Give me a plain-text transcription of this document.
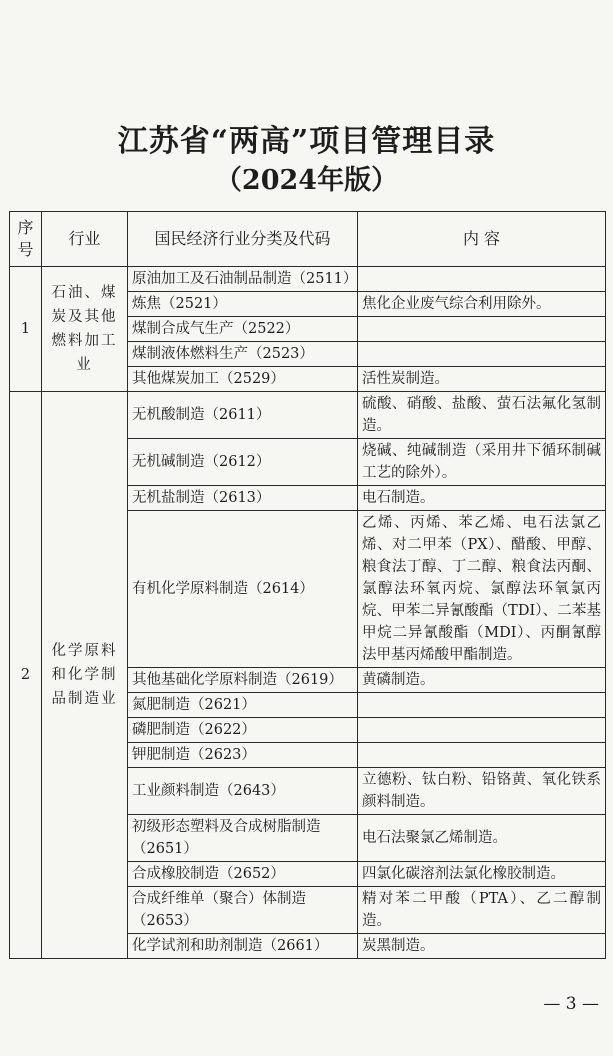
江苏省“两高”项目管理目录
（2024年版）
序
号	行业	国民经济行业分类及代码	内 容
1	石油、煤炭及其他燃料加工业	原油加工及石油制品制造（2511）	
		炼焦（2521）	焦化企业废气综合利用除外。
		煤制合成气生产（2522）	
		煤制液体燃料生产（2523）	
		其他煤炭加工（2529）	活性炭制造。
2	化学原料和化学制品制造业	无机酸制造（2611）	硫酸、硝酸、盐酸、萤石法氟化氢制造。
		无机碱制造（2612）	烧碱、纯碱制造（采用井下循环制碱工艺的除外）。
		无机盐制造（2613）	电石制造。
		有机化学原料制造（2614）	乙烯、丙烯、苯乙烯、电石法氯乙烯、对二甲苯（PX）、醋酸、甲醇、粮食法丁醇、丁二醇、粮食法丙酮、氯醇法环氧丙烷、氯醇法环氧氯丙烷、甲苯二异氰酸酯（TDI）、二苯基甲烷二异氰酸酯（MDI）、丙酮氰醇法甲基丙烯酸甲酯制造。
		其他基础化学原料制造（2619）	黄磷制造。
		氮肥制造（2621）	
		磷肥制造（2622）	
		钾肥制造（2623）	
		工业颜料制造（2643）	立德粉、钛白粉、铅铬黄、氧化铁系颜料制造。
		初级形态塑料及合成树脂制造（2651）	电石法聚氯乙烯制造。
		合成橡胶制造（2652）	四氯化碳溶剂法氯化橡胶制造。
		合成纤维单（聚合）体制造（2653）	精对苯二甲酸（PTA）、乙二醇制造。
		化学试剂和助剂制造（2661）	炭黑制造。
— 3 —
